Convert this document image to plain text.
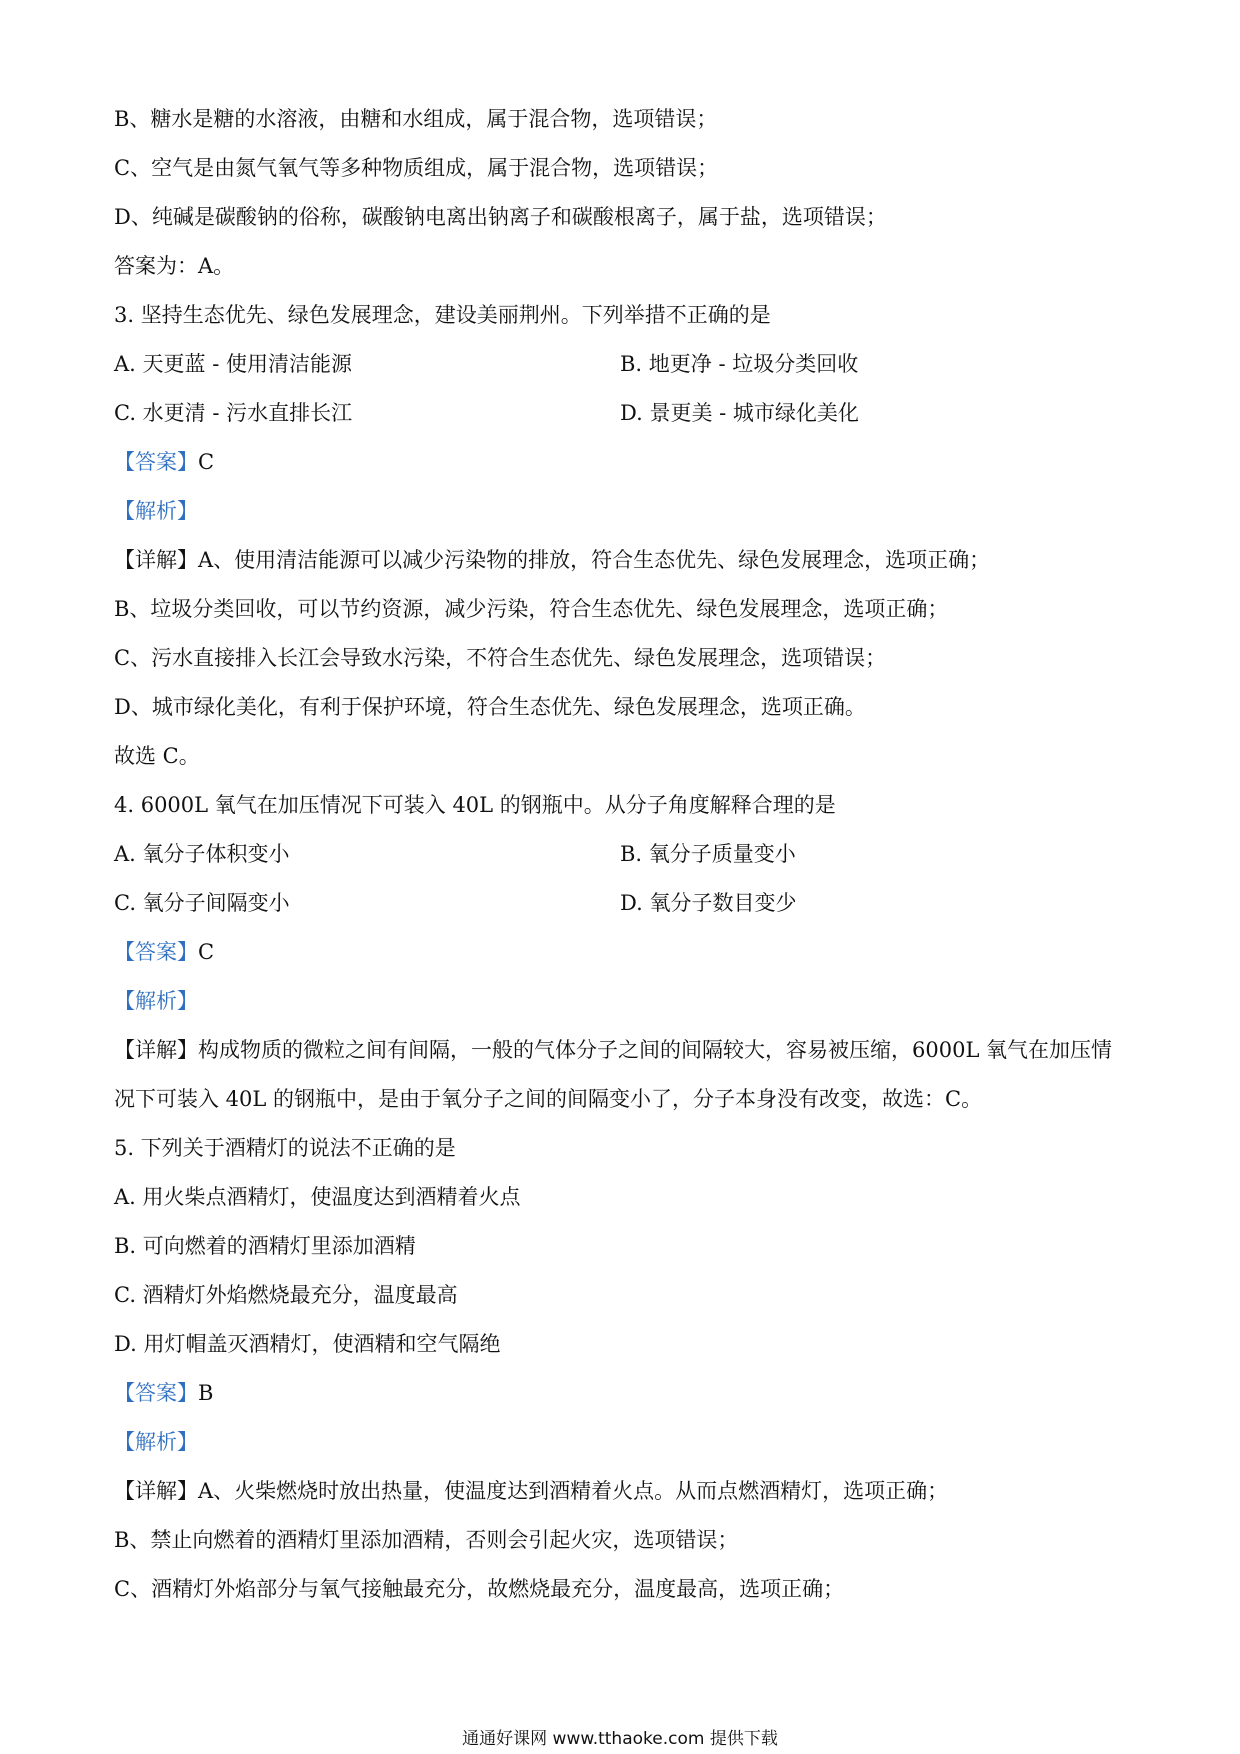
B、糖水是糖的水溶液，由糖和水组成，属于混合物，选项错误；
C、空气是由氮气氧气等多种物质组成，属于混合物，选项错误；
D、纯碱是碳酸钠的俗称，碳酸钠电离出钠离子和碳酸根离子，属于盐，选项错误；
答案为：A。
3. 坚持生态优先、绿色发展理念，建设美丽荆州。下列举措不正确的是
A. 天更蓝 - 使用清洁能源	B. 地更净 - 垃圾分类回收
C. 水更清 - 污水直排长江	D. 景更美 - 城市绿化美化
【答案】C
【解析】
【详解】A、使用清洁能源可以减少污染物的排放，符合生态优先、绿色发展理念，选项正确；
B、垃圾分类回收，可以节约资源，减少污染，符合生态优先、绿色发展理念，选项正确；
C、污水直接排入长江会导致水污染，不符合生态优先、绿色发展理念，选项错误；
D、城市绿化美化，有利于保护环境，符合生态优先、绿色发展理念，选项正确。
故选 C。
4. 6000L 氧气在加压情况下可装入 40L 的钢瓶中。从分子角度解释合理的是
A. 氧分子体积变小	B. 氧分子质量变小
C. 氧分子间隔变小	D. 氧分子数目变少
【答案】C
【解析】
【详解】构成物质的微粒之间有间隔，一般的气体分子之间的间隔较大，容易被压缩，6000L 氧气在加压情
况下可装入 40L 的钢瓶中，是由于氧分子之间的间隔变小了，分子本身没有改变，故选：C。
5. 下列关于酒精灯的说法不正确的是
A. 用火柴点酒精灯，使温度达到酒精着火点
B. 可向燃着的酒精灯里添加酒精
C. 酒精灯外焰燃烧最充分，温度最高
D. 用灯帽盖灭酒精灯，使酒精和空气隔绝
【答案】B
【解析】
【详解】A、火柴燃烧时放出热量，使温度达到酒精着火点。从而点燃酒精灯，选项正确；
B、禁止向燃着的酒精灯里添加酒精，否则会引起火灾，选项错误；
C、酒精灯外焰部分与氧气接触最充分，故燃烧最充分，温度最高，选项正确；
通通好课网 www.tthaoke.com 提供下载
